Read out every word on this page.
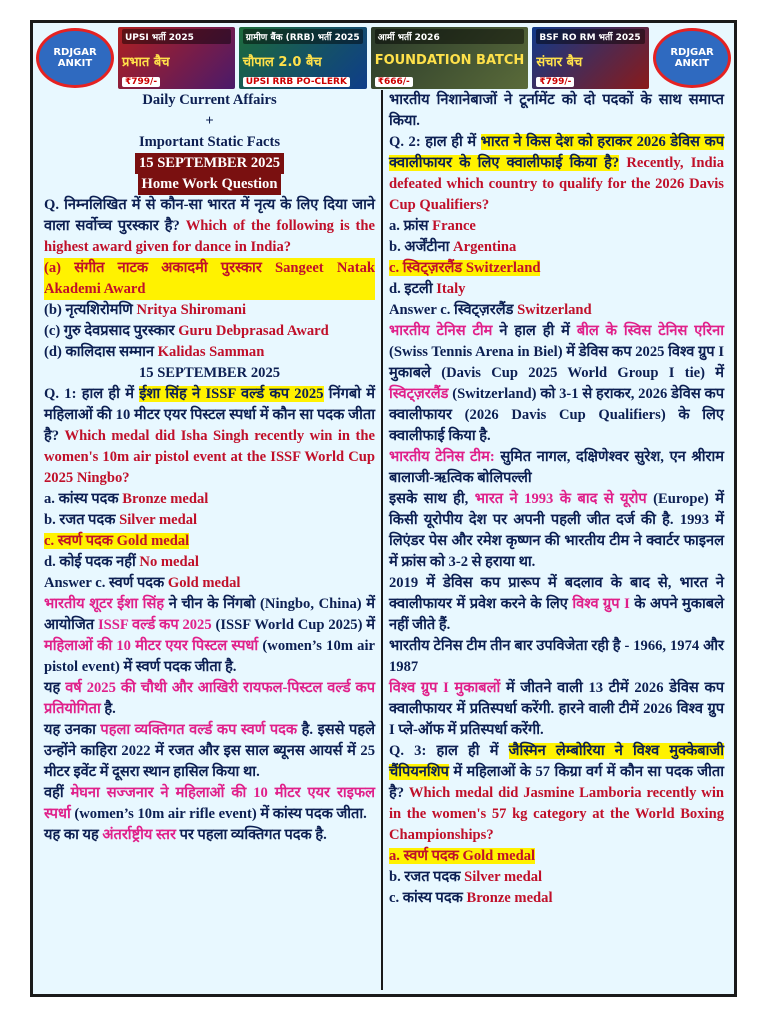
RDJGAR ANKIT
UPSI भर्ती 2025
प्रभात बैच
₹799/-
ग्रामीण बैंक (RRB) भर्ती 2025
चौपाल 2.0 बैच
UPSI RRB PO-CLERK
आर्मी भर्ती 2026
FOUNDATION BATCH
₹666/-
BSF RO RM भर्ती 2025
संचार बैच
₹799/-
RDJGAR ANKIT

Daily Current Affairs

+

Important Static Facts

15 SEPTEMBER 2025

Home Work Question

Q. निम्नलिखित में से कौन-सा भारत में नृत्य के लिए दिया जाने वाला सर्वोच्च पुरस्कार है? Which of the following is the highest award given for dance in India?

(a) संगीत नाटक अकादमी पुरस्कार Sangeet Natak Akademi Award

(b) नृत्यशिरोमणि Nritya Shiromani

(c) गुरु देवप्रसाद पुरस्कार Guru Debprasad Award

(d) कालिदास सम्मान Kalidas Samman

15 SEPTEMBER 2025

Q. 1: हाल ही में ईशा सिंह ने ISSF वर्ल्ड कप 2025 निंगबो में महिलाओं की 10 मीटर एयर पिस्टल स्पर्धा में कौन सा पदक जीता है? Which medal did Isha Singh recently win in the women's 10m air pistol event at the ISSF World Cup 2025 Ningbo?

a. कांस्य पदक Bronze medal

b. रजत पदक Silver medal

c. स्वर्ण पदक Gold medal

d. कोई पदक नहीं No medal

Answer c. स्वर्ण पदक Gold medal

भारतीय शूटर ईशा सिंह ने चीन के निंगबो (Ningbo, China) में आयोजित ISSF वर्ल्ड कप 2025 (ISSF World Cup 2025) में महिलाओं की 10 मीटर एयर पिस्टल स्पर्धा (women’s 10m air pistol event) में स्वर्ण पदक जीता है.

यह वर्ष 2025 की चौथी और आखिरी रायफल-पिस्टल वर्ल्ड कप प्रतियोगिता है.

यह उनका पहला व्यक्तिगत वर्ल्ड कप स्वर्ण पदक है. इससे पहले उन्होंने काहिरा 2022 में रजत और इस साल ब्यूनस आयर्स में 25 मीटर इवेंट में दूसरा स्थान हासिल किया था.

वहीं मेघना सज्जनार ने महिलाओं की 10 मीटर एयर राइफल स्पर्धा (women’s 10m air rifle event) में कांस्य पदक जीता.

यह का यह अंतर्राष्ट्रीय स्तर पर पहला व्यक्तिगत पदक है.

भारतीय निशानेबाजों ने टूर्नामेंट को दो पदकों के साथ समाप्त किया.

Q. 2: हाल ही में भारत ने किस देश को हराकर 2026 डेविस कप क्वालीफायर के लिए क्वालीफाई किया है? Recently, India defeated which country to qualify for the 2026 Davis Cup Qualifiers?

a. फ्रांस France

b. अर्जेंटीना Argentina

c. स्विट्ज़रलैंड Switzerland

d. इटली Italy

Answer c. स्विट्ज़रलैंड Switzerland

भारतीय टेनिस टीम ने हाल ही में बील के स्विस टेनिस एरिना (Swiss Tennis Arena in Biel) में डेविस कप 2025 विश्व ग्रुप I मुकाबले (Davis Cup 2025 World Group I tie) में स्विट्ज़रलैंड (Switzerland) को 3-1 से हराकर, 2026 डेविस कप क्वालीफायर (2026 Davis Cup Qualifiers) के लिए क्वालीफाई किया है.

भारतीय टेनिस टीम: सुमित नागल, दक्षिणेश्वर सुरेश, एन श्रीराम बालाजी-ऋत्विक बोलिपल्ली

इसके साथ ही, भारत ने 1993 के बाद से यूरोप (Europe) में किसी यूरोपीय देश पर अपनी पहली जीत दर्ज की है. 1993 में लिएंडर पेस और रमेश कृष्णन की भारतीय टीम ने क्वार्टर फाइनल में फ्रांस को 3-2 से हराया था.

2019 में डेविस कप प्रारूप में बदलाव के बाद से, भारत ने क्वालीफायर में प्रवेश करने के लिए विश्व ग्रुप I के अपने मुकाबले नहीं जीते हैं.

भारतीय टेनिस टीम तीन बार उपविजेता रही है - 1966, 1974 और 1987

विश्व ग्रुप I मुकाबलों में जीतने वाली 13 टीमें 2026 डेविस कप क्वालीफायर में प्रतिस्पर्धा करेंगी. हारने वाली टीमें 2026 विश्व ग्रुप I प्ले-ऑफ में प्रतिस्पर्धा करेंगी.

Q. 3: हाल ही में जैस्मिन लेम्बोरिया ने विश्व मुक्केबाजी चैंपियनशिप में महिलाओं के 57 किग्रा वर्ग में कौन सा पदक जीता है? Which medal did Jasmine Lamboria recently win in the women's 57 kg category at the World Boxing Championships?

a. स्वर्ण पदक Gold medal

b. रजत पदक Silver medal

c. कांस्य पदक Bronze medal
